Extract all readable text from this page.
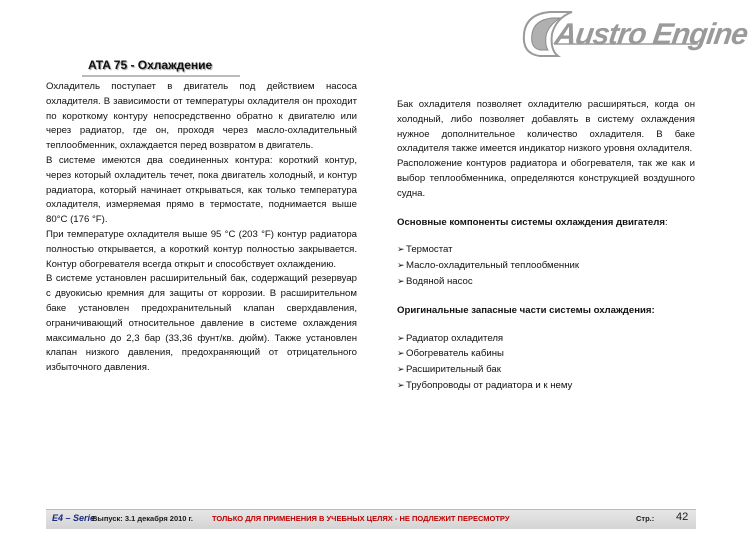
Austro Engine
ATA 75 - Охлаждение

Охладитель поступает в двигатель под действием насоса охладителя. В зависимости от температуры охладителя он проходит по короткому контуру непосредственно обратно к двигателю или через радиатор, где он, проходя через масло-охладительный теплообменник, охлаждается перед возвратом в двигатель.

В системе имеются два соединенных контура: короткий контур, через который охладитель течет, пока двигатель холодный, и контур радиатора, который начинает открываться, как только температура охладителя, измеряемая прямо в термостате, поднимается выше 80°C (176 °F).

При температуре охладителя выше 95 °C (203 °F) контур радиатора полностью открывается, а короткий контур полностью закрывается. Контур обогревателя всегда открыт и способствует охлаждению.

В системе установлен расширительный бак, содержащий резервуар с двуокисью кремния для защиты от коррозии. В расширительном баке установлен предохранительный клапан сверхдавления, ограничивающий относительное давление в системе охлаждения максимально до 2,3 бар (33,36 фунт/кв. дюйм). Также установлен клапан низкого давления, предохраняющий от отрицательного избыточного давления.

Бак охладителя позволяет охладителю расширяться, когда он холодный, либо позволяет добавлять в систему охлаждения нужное дополнительное количество охладителя. В баке охладителя также имеется индикатор низкого уровня охладителя.

Расположение контуров радиатора и обогревателя, так же как и выбор теплообменника, определяются конструкцией воздушного судна.

Основные компоненты системы охлаждения двигателя:

➢Термостат
➢Масло-охладительный теплообменник
➢Водяной насос

Оригинальные запасные части системы охлаждения:

➢Радиатор охладителя
➢Обогреватель кабины
➢Расширительный бак
➢Трубопроводы от радиатора и к нему
E4 – Serie
Выпуск: 3.1 декабря 2010 г.	ТОЛЬКО ДЛЯ ПРИМЕНЕНИЯ В УЧЕБНЫХ ЦЕЛЯХ - НЕ ПОДЛЕЖИТ ПЕРЕСМОТРУ	Стр.: 42
